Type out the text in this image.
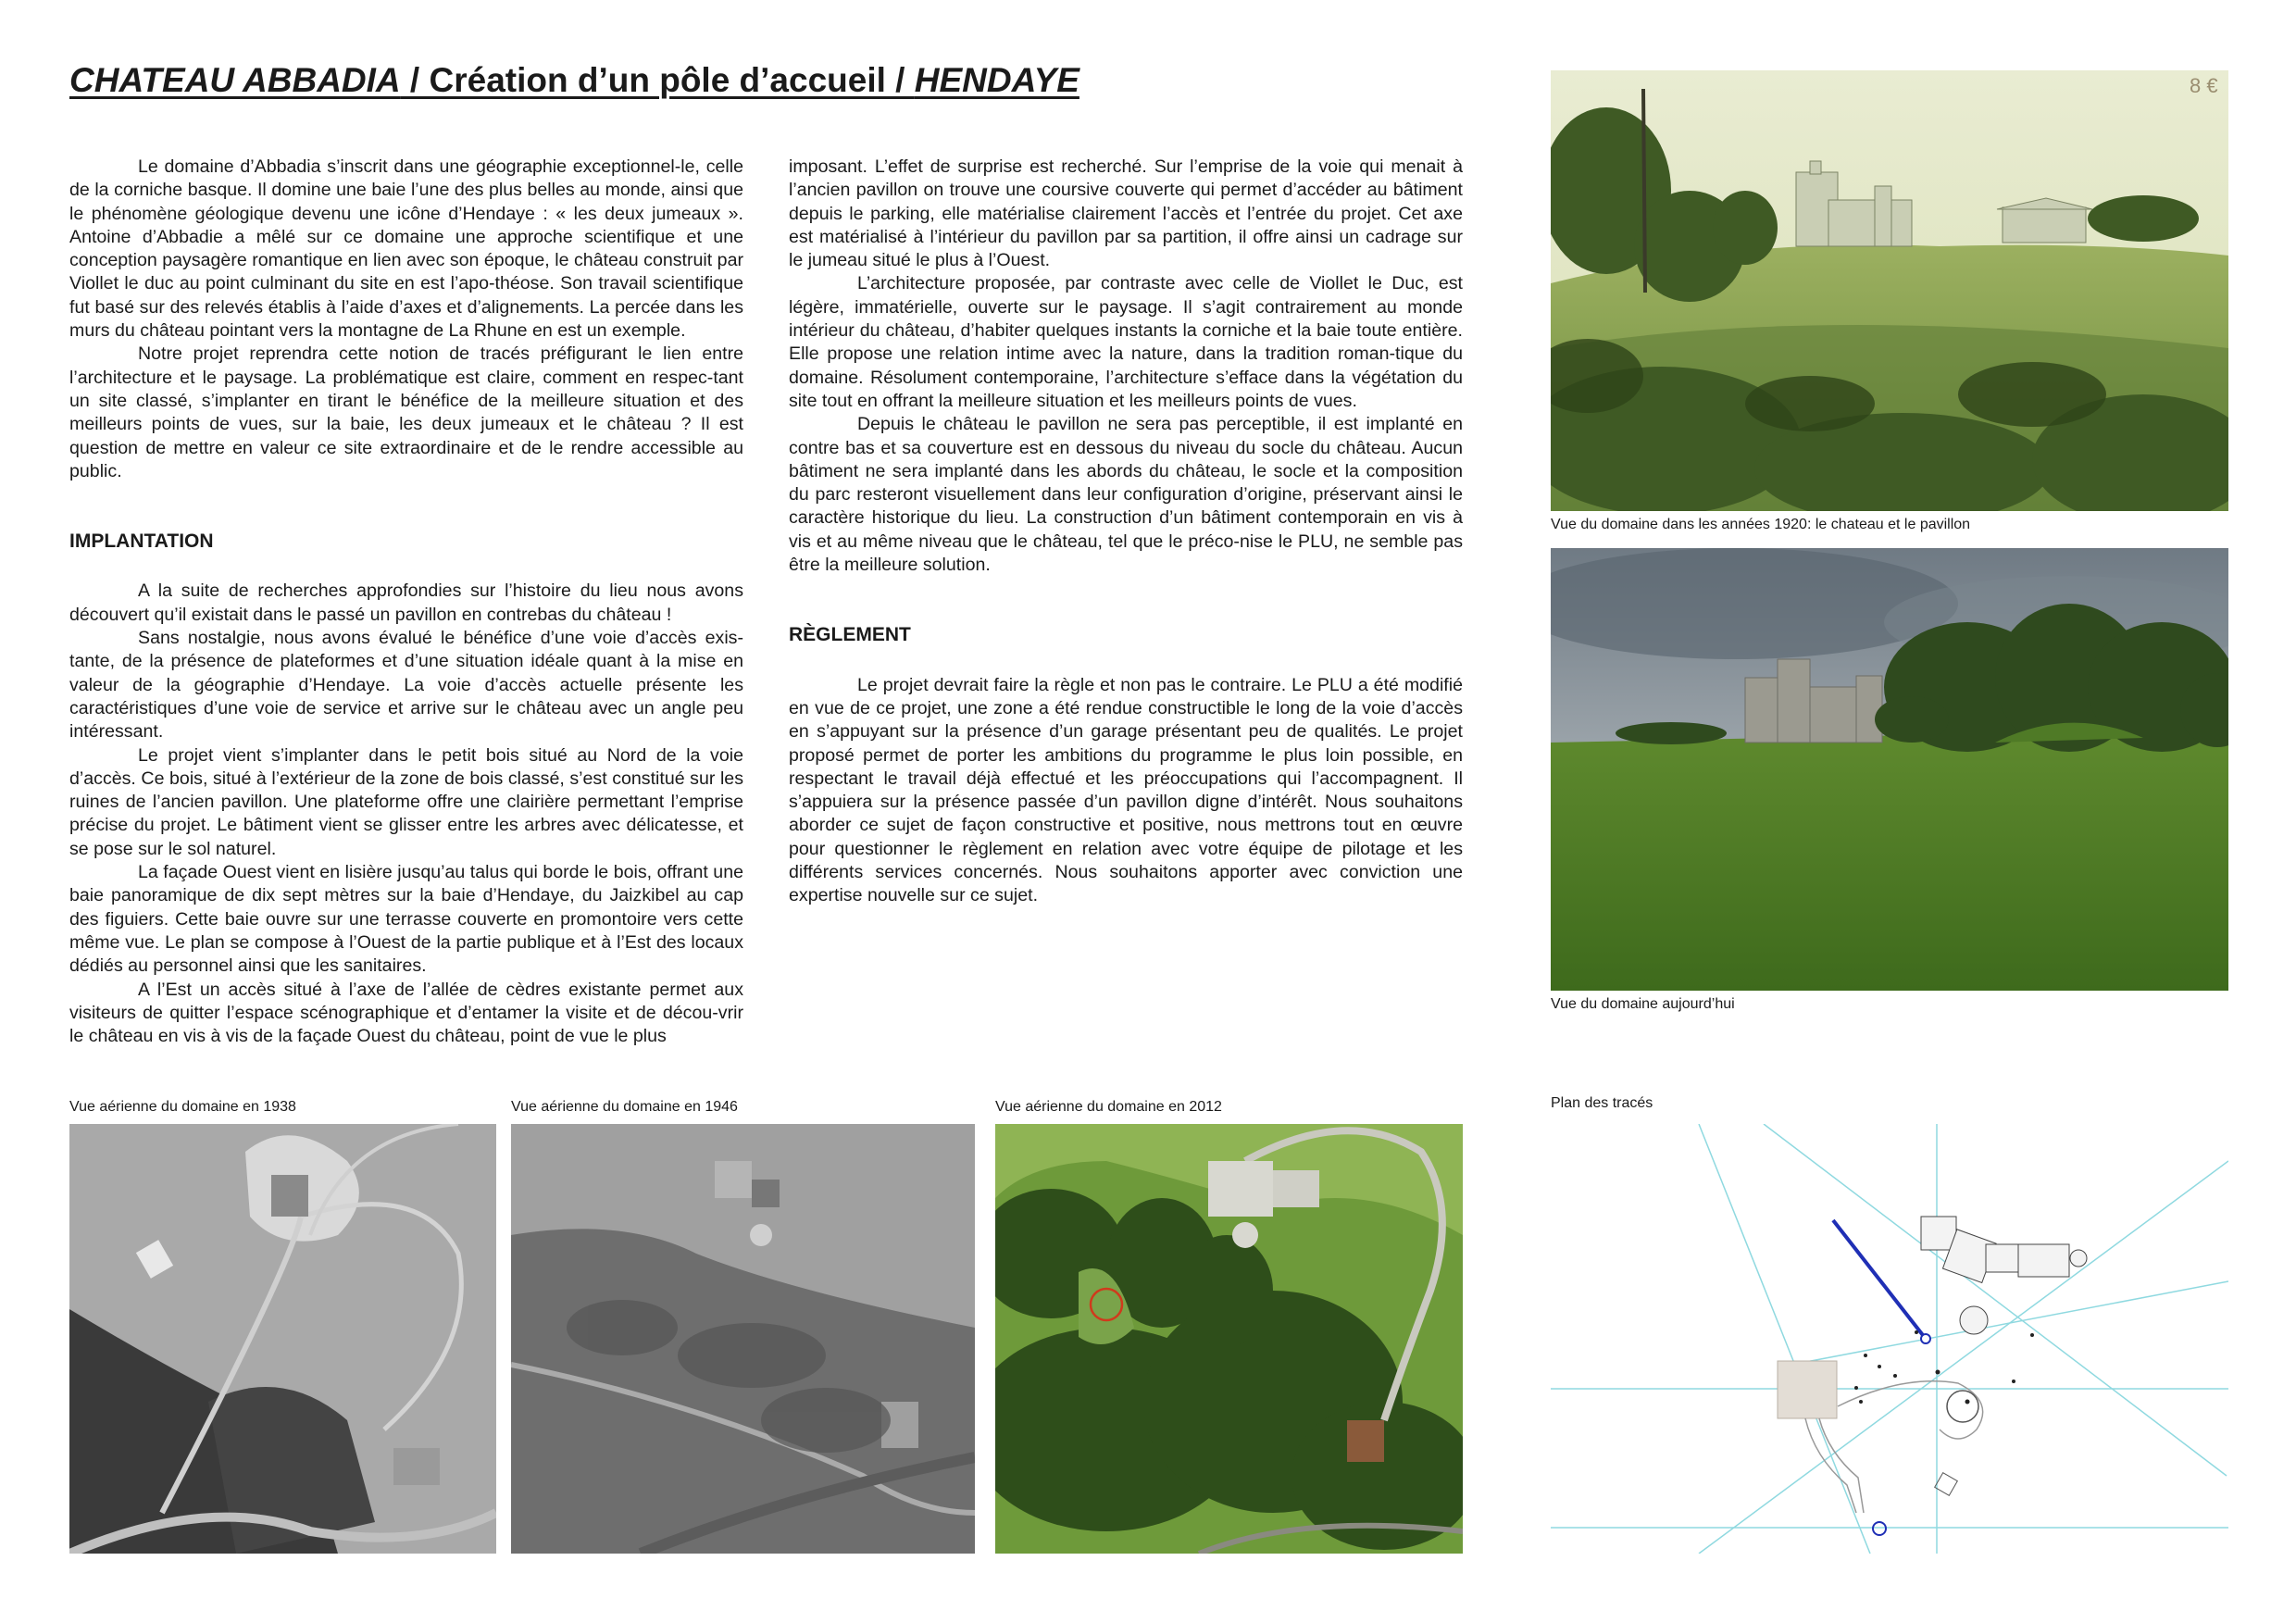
CHATEAU ABBADIA / Création d’un pôle d’accueil / HENDAYE

Le domaine d’Abbadia s’inscrit dans une géographie exceptionnel-le, celle de la corniche basque. Il domine une baie l’une des plus belles au monde, ainsi que le phénomène géologique devenu une icône d’Hendaye : « les deux jumeaux ». Antoine d’Abbadie a mêlé sur ce domaine une approche scientifique et une conception paysagère romantique en lien avec son époque, le château construit par Viollet le duc au point culminant du site en est l’apo-théose. Son travail scientifique fut basé sur des relevés établis à l’aide d’axes et d’alignements. La percée dans les murs du château pointant vers la montagne de La Rhune en est un exemple.

Notre projet reprendra cette notion de tracés préfigurant le lien entre l’architecture et le paysage. La problématique est claire, comment en respec-tant un site classé, s’implanter en tirant le bénéfice de la meilleure situation et des meilleurs points de vues, sur la baie, les deux jumeaux et le château ? Il est question de mettre en valeur ce site extraordinaire et de le rendre accessible au public.

IMPLANTATION

A la suite de recherches approfondies sur l’histoire du lieu nous avons découvert qu’il existait dans le passé un pavillon en contrebas du château !

Sans nostalgie, nous avons évalué le bénéfice d’une voie d’accès exis-tante, de la présence de plateformes et d’une situation idéale quant à la mise en valeur de la géographie d’Hendaye. La voie d’accès actuelle présente les caractéristiques d’une voie de service et arrive sur le château avec un angle peu intéressant.

Le projet vient s’implanter dans le petit bois situé au Nord de la voie d’accès. Ce bois, situé à l’extérieur de la zone de bois classé, s’est constitué sur les ruines de l’ancien pavillon. Une plateforme offre une clairière permettant l’emprise précise du projet. Le bâtiment vient se glisser entre les arbres avec délicatesse, et se pose sur le sol naturel.

La façade Ouest vient en lisière jusqu’au talus qui borde le bois, offrant une baie panoramique de dix sept mètres sur la baie d’Hendaye, du Jaizkibel au cap des figuiers. Cette baie ouvre sur une terrasse couverte en promontoire vers cette même vue. Le plan se compose à l’Ouest de la partie publique et à l’Est des locaux dédiés au personnel ainsi que les sanitaires.

A l’Est un accès situé à l’axe de l’allée de cèdres existante permet aux visiteurs de quitter l’espace scénographique et d’entamer la visite et de décou-vrir le château en vis à vis de la façade Ouest du château, point de vue le plus

imposant. L’effet de surprise est recherché. Sur l’emprise de la voie qui menait à l’ancien pavillon on trouve une coursive couverte qui permet d’accéder au bâtiment depuis le parking, elle matérialise clairement l’accès et l’entrée du projet. Cet axe est matérialisé à l’intérieur du pavillon par sa partition, il offre ainsi un cadrage sur le jumeau situé le plus à l’Ouest.

L’architecture proposée, par contraste avec celle de Viollet le Duc, est légère, immatérielle, ouverte sur le paysage. Il s’agit contrairement au monde intérieur du château, d’habiter quelques instants la corniche et la baie toute entière. Elle propose une relation intime avec la nature, dans la tradition roman-tique du domaine. Résolument contemporaine, l’architecture s’efface dans la végétation du site tout en offrant la meilleure situation et les meilleurs points de vues.

Depuis le château le pavillon ne sera pas perceptible, il est implanté en contre bas et sa couverture est en dessous du niveau du socle du château. Aucun bâtiment ne sera implanté dans les abords du château, le socle et la composition du parc resteront visuellement dans leur configuration d’origine, préservant ainsi le caractère historique du lieu. La construction d’un bâtiment contemporain en vis à vis et au même niveau que le château, tel que le préco-nise le PLU, ne semble pas être la meilleure solution.

RÈGLEMENT

Le projet devrait faire la règle et non pas le contraire. Le PLU a été modifié en vue de ce projet, une zone a été rendue constructible le long de la voie d’accès en s’appuyant sur la présence d’un garage présentant peu de qualités. Le projet proposé permet de porter les ambitions du programme le plus loin possible, en respectant le travail déjà effectué et les préoccupations qui l’accompagnent. Il s’appuiera sur la présence passée d’un pavillon digne d’intérêt. Nous souhaitons aborder ce sujet de façon constructive et positive, nous mettrons tout en œuvre pour questionner le règlement en relation avec votre équipe de pilotage et les différents services concernés. Nous souhaitons apporter avec conviction une expertise nouvelle sur ce sujet.

8 €
Vue du domaine dans les années 1920: le chateau et le pavillon
Vue du domaine aujourd’hui
Vue aérienne du domaine en 1938	Vue aérienne du domaine en 1946	Vue aérienne du domaine en 2012	Plan des tracés
